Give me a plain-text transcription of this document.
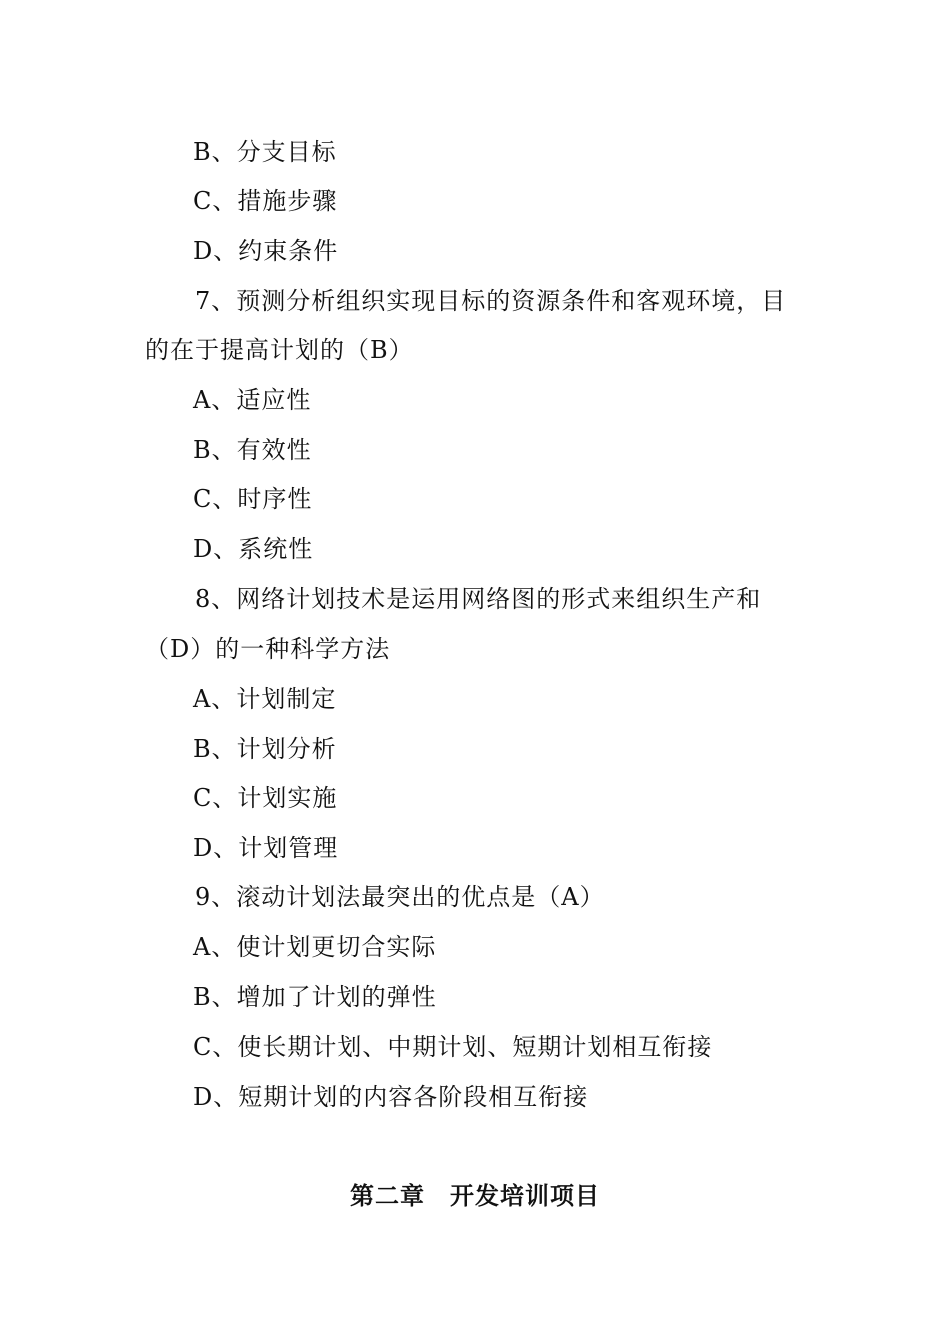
B、分支目标
C、措施步骤
D、约束条件
7、预测分析组织实现目标的资源条件和客观环境，目
的在于提高计划的（B）
A、适应性
B、有效性
C、时序性
D、系统性
8、网络计划技术是运用网络图的形式来组织生产和
（D）的一种科学方法
A、计划制定
B、计划分析
C、计划实施
D、计划管理
9、滚动计划法最突出的优点是（A）
A、使计划更切合实际
B、增加了计划的弹性
C、使长期计划、中期计划、短期计划相互衔接
D、短期计划的内容各阶段相互衔接
第二章　开发培训项目
